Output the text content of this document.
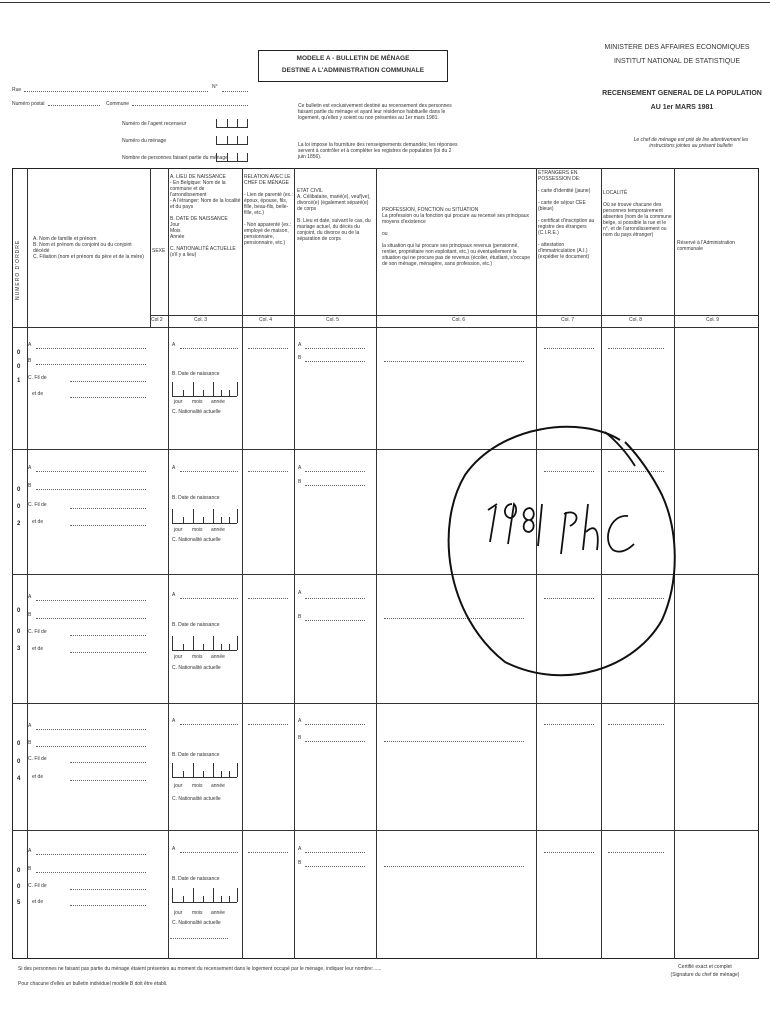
MODELE A - BULLETIN DE MÉNAGE
DESTINE A L'ADMINISTRATION COMMUNALE
MINISTERE DES AFFAIRES ECONOMIQUES
INSTITUT NATIONAL DE STATISTIQUE
RECENSEMENT GENERAL DE LA POPULATION
AU 1er MARS 1981
Rue	N°
Numéro postal	Commune
Numéro de l'agent recenseur
Numéro du ménage
Nombre de personnes faisant partie du ménage
Ce bulletin est exclusivement destiné au recensement des personnes faisant partie du ménage et ayant leur résidence habituelle dans le logement, qu'elles y soient ou non présentes au 1er mars 1981.
La loi impose la fourniture des renseignements demandés; les réponses servent à contrôler et à compléter les registres de population (loi du 2 juin 1856).
Le chef de ménage est prié de lire attentivement les instructions jointes au présent bulletin
NUMERO D'ORDRE
A. Nom de famille et prénom
B. Nom et prénom du conjoint ou du conjoint décédé
C. Filiation (nom et prénom du père et de la mère)
SEXE
Col 2
A. LIEU DE NAISSANCE
- En Belgique: Nom de la commune et de l'arrondissement
- A l'étranger: Nom de la localité et du pays

B. DATE DE NAISSANCE
Jour
Mois
Année

C. NATIONALITÉ ACTUELLE (s'il y a lieu)
Col. 3
RELATION AVEC LE CHEF DE MÉNAGE

- Lien de parenté (ex.: époux, épouse, fils, fille, beau-fils, belle-fille, etc.)

- Non apparenté (ex.: employé de maison, pensionnaire, pensionnaire, etc.)
Col. 4
ETAT CIVIL
A. Célibataire, marié(e), veuf(ve), divorcé(e) (également séparé(e) de corps

B. Lieu et date, suivant le cas, du mariage actuel, du décès du conjoint, du divorce ou de la séparation de corps
Col. 5
PROFESSION, FONCTION ou SITUATION
La profession ou la fonction qui procure au recensé ses principaux moyens d'existence

ou

la situation qui lui procure ses principaux revenus (pensionné, rentier, propriétaire non exploitant, etc.) ou éventuellement la situation qui ne procure pas de revenus (écolier, étudiant, s'occupe de son ménage, ménagère, sans profession, etc.)
Col. 6
ETRANGERS EN POSSESSION DE:

- carte d'identité (jaune)

- carte de séjour CEE (bleue)

- certificat d'inscription au registre des étrangers (C.I.R.E.)

- attestation d'immatriculation (A.I.) (expédier le document)
Col. 7
LOCALITÉ

Où se trouve chacune des personnes temporairement absentes (nom de la commune belge, si possible la rue et le n°, et de l'arrondissement ou nom du pays étranger)
Col. 8
Réservé à l'Administration communale
Col. 9
0
0
1
A
B
C. Fil de
et de
A
B. Date de naissance
jour mois année
C. Nationalité actuelle
A
B
0
0
2
A
B
C. Fil de
et de
A
B. Date de naissance
jour mois année
C. Nationalité actuelle
A
B
0
0
3
A
B
C. Fil de
et de
A
B. Date de naissance
jour mois année
C. Nationalité actuelle
A
B
0
0
4
A
B
C. Fil de
et de
A
B. Date de naissance
jour mois année
C. Nationalité actuelle
A
B
0
0
5
A
B
C. Fil de
et de
A
B. Date de naissance
jour mois année
C. Nationalité actuelle
A
B
Si des personnes ne faisant pas partie du ménage étaient présentes au moment du recensement dans le logement occupé par le ménage, indiquer leur nombre:......
Pour chacune d'elles un bulletin individuel modèle B doit être établi.
Certifié exact et complet
(Signature du chef de ménage)
